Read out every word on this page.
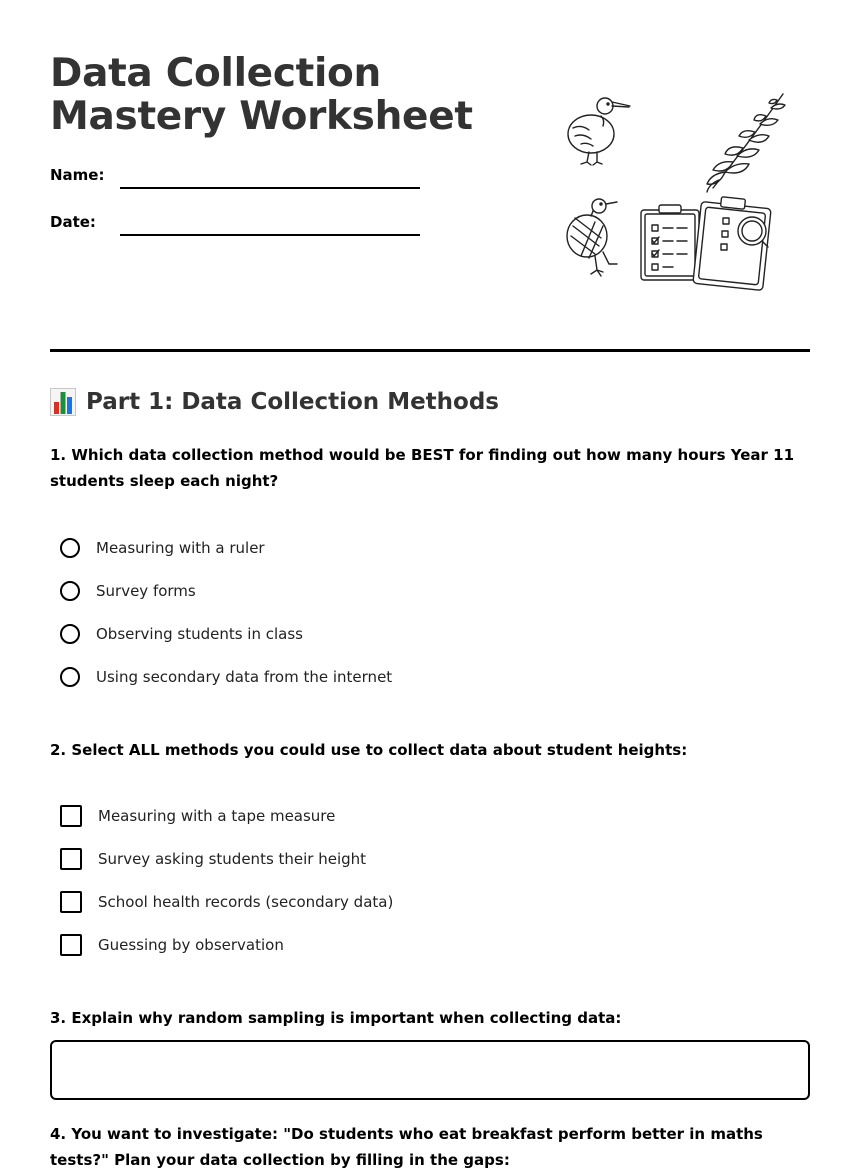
Data Collection Mastery Worksheet
Name:
Date:
Part 1: Data Collection Methods

1. Which data collection method would be BEST for finding out how many hours Year 11 students sleep each night?

Measuring with a ruler
Survey forms
Observing students in class
Using secondary data from the internet

2. Select ALL methods you could use to collect data about student heights:

Measuring with a tape measure
Survey asking students their height
School health records (secondary data)
Guessing by observation

3. Explain why random sampling is important when collecting data:

4. You want to investigate: "Do students who eat breakfast perform better in maths tests?" Plan your data collection by filling in the gaps:
